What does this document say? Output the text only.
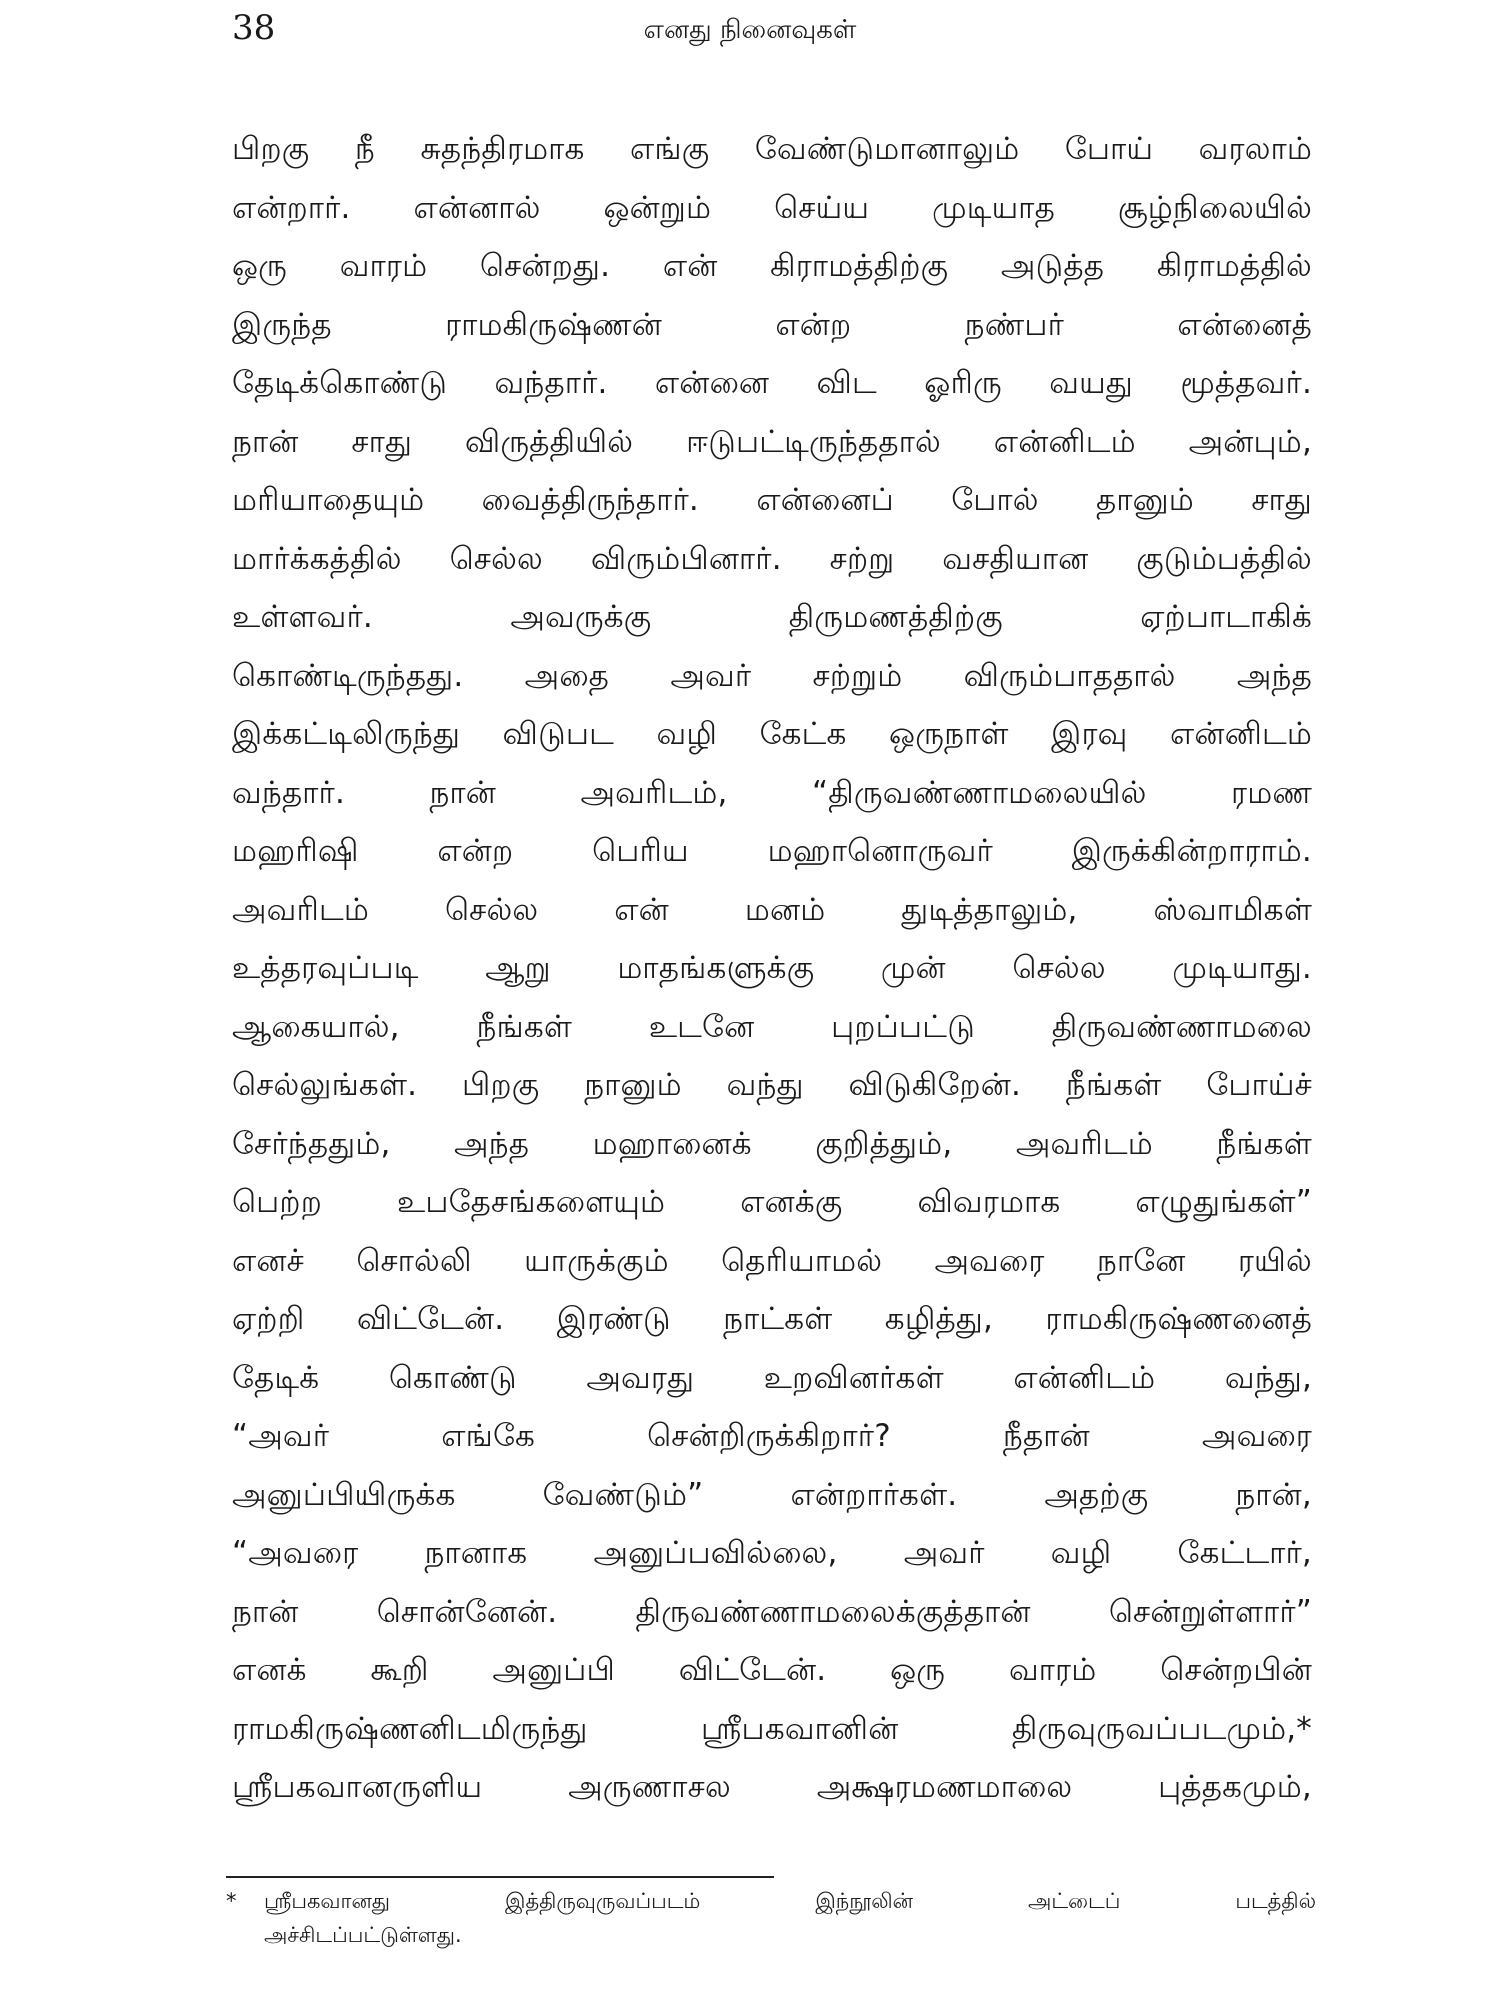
38	எனது நினைவுகள்
பிறகு நீ சுதந்திரமாக எங்கு வேண்டுமானாலும் போய் வரலாம்
என்றார். என்னால் ஒன்றும் செய்ய முடியாத சூழ்நிலையில்
ஒரு வாரம் சென்றது. என் கிராமத்திற்கு அடுத்த கிராமத்தில்
இருந்த ராமகிருஷ்ணன் என்ற நண்பர் என்னைத்
தேடிக்கொண்டு வந்தார். என்னை விட ஓரிரு வயது மூத்தவர்.
நான் சாது விருத்தியில் ஈடுபட்டிருந்ததால் என்னிடம் அன்பும்,
மரியாதையும் வைத்திருந்தார். என்னைப் போல் தானும் சாது
மார்க்கத்தில் செல்ல விரும்பினார். சற்று வசதியான குடும்பத்தில்
உள்ளவர். அவருக்கு திருமணத்திற்கு ஏற்பாடாகிக்
கொண்டிருந்தது. அதை அவர் சற்றும் விரும்பாததால் அந்த
இக்கட்டிலிருந்து விடுபட வழி கேட்க ஒருநாள் இரவு என்னிடம்
வந்தார். நான் அவரிடம், “திருவண்ணாமலையில் ரமண
மஹரிஷி என்ற பெரிய மஹானொருவர் இருக்கின்றாராம்.
அவரிடம் செல்ல என் மனம் துடித்தாலும், ஸ்வாமிகள்
உத்தரவுப்படி ஆறு மாதங்களுக்கு முன் செல்ல முடியாது.
ஆகையால், நீங்கள் உடனே புறப்பட்டு திருவண்ணாமலை
செல்லுங்கள். பிறகு நானும் வந்து விடுகிறேன். நீங்கள் போய்ச்
சேர்ந்ததும், அந்த மஹானைக் குறித்தும், அவரிடம் நீங்கள்
பெற்ற உபதேசங்களையும் எனக்கு விவரமாக எழுதுங்கள்”
எனச் சொல்லி யாருக்கும் தெரியாமல் அவரை நானே ரயில்
ஏற்றி விட்டேன். இரண்டு நாட்கள் கழித்து, ராமகிருஷ்ணனைத்
தேடிக் கொண்டு அவரது உறவினர்கள் என்னிடம் வந்து,
“அவர் எங்கே சென்றிருக்கிறார்? நீதான் அவரை
அனுப்பியிருக்க வேண்டும்” என்றார்கள். அதற்கு நான்,
“அவரை நானாக அனுப்பவில்லை, அவர் வழி கேட்டார்,
நான் சொன்னேன். திருவண்ணாமலைக்குத்தான் சென்றுள்ளார்”
எனக் கூறி அனுப்பி விட்டேன். ஒரு வாரம் சென்றபின்
ராமகிருஷ்ணனிடமிருந்து ஸ்ரீபகவானின் திருவுருவப்படமும்,*
ஸ்ரீபகவானருளிய அருணாசல அக்ஷரமணமாலை புத்தகமும்,
* ஸ்ரீபகவானது இத்திருவுருவப்படம் இந்நூலின் அட்டைப் படத்தில்
அச்சிடப்பட்டுள்ளது.
